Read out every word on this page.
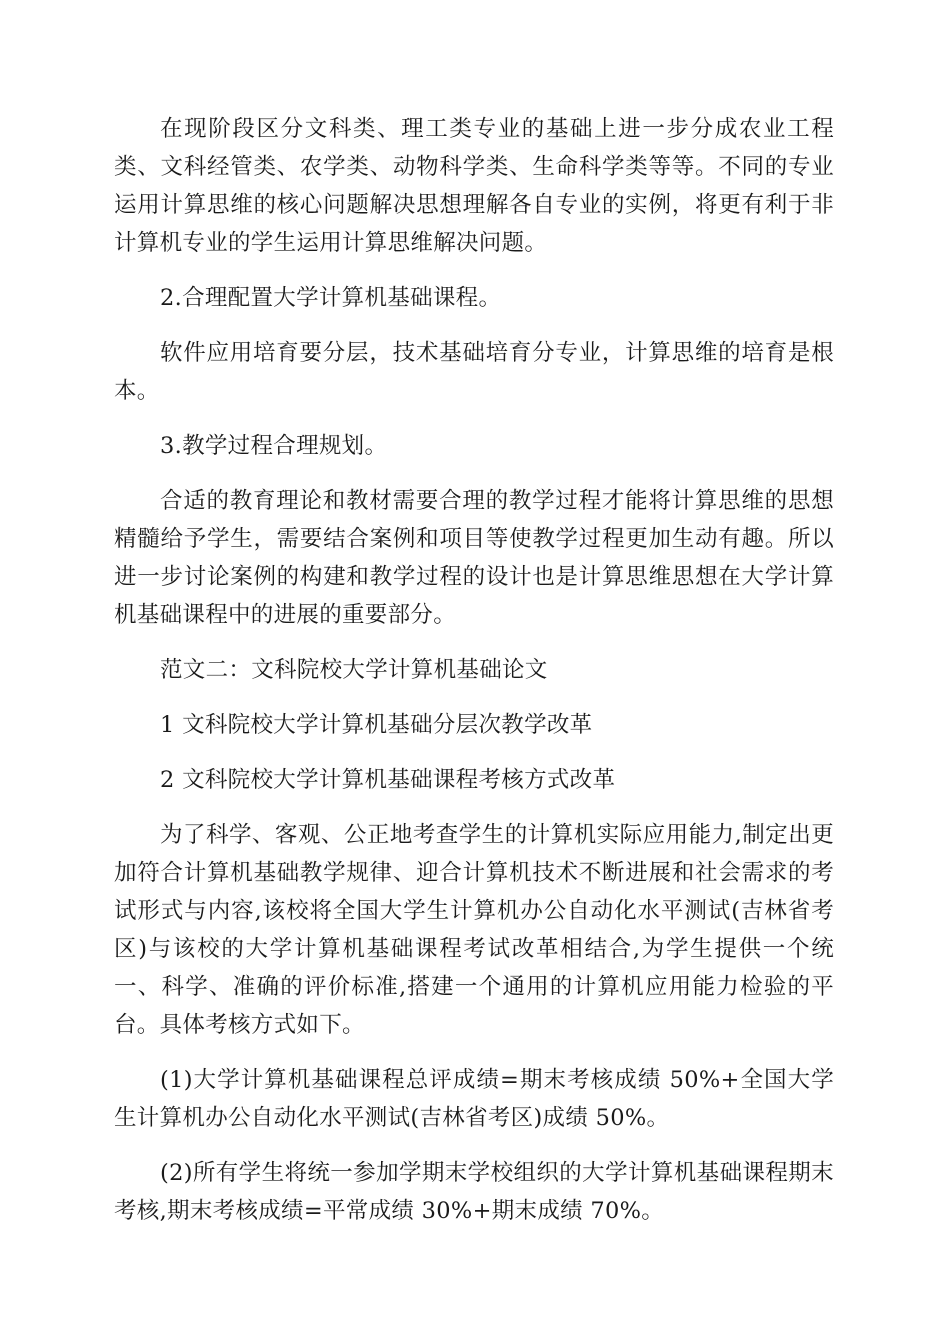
在现阶段区分文科类、理工类专业的基础上进一步分成农业工程类、文科经管类、农学类、动物科学类、生命科学类等等。不同的专业运用计算思维的核心问题解决思想理解各自专业的实例，将更有利于非计算机专业的学生运用计算思维解决问题。

2.合理配置大学计算机基础课程。

软件应用培育要分层，技术基础培育分专业，计算思维的培育是根本。

3.教学过程合理规划。

合适的教育理论和教材需要合理的教学过程才能将计算思维的思想精髓给予学生，需要结合案例和项目等使教学过程更加生动有趣。所以进一步讨论案例的构建和教学过程的设计也是计算思维思想在大学计算机基础课程中的进展的重要部分。

范文二：文科院校大学计算机基础论文

1 文科院校大学计算机基础分层次教学改革

2 文科院校大学计算机基础课程考核方式改革

为了科学、客观、公正地考查学生的计算机实际应用能力,制定出更加符合计算机基础教学规律、迎合计算机技术不断进展和社会需求的考试形式与内容,该校将全国大学生计算机办公自动化水平测试(吉林省考区)与该校的大学计算机基础课程考试改革相结合,为学生提供一个统一、科学、准确的评价标准,搭建一个通用的计算机应用能力检验的平台。具体考核方式如下。

(1)大学计算机基础课程总评成绩=期末考核成绩 50%+全国大学生计算机办公自动化水平测试(吉林省考区)成绩 50%。

(2)所有学生将统一参加学期末学校组织的大学计算机基础课程期末考核,期末考核成绩=平常成绩 30%+期末成绩 70%。
